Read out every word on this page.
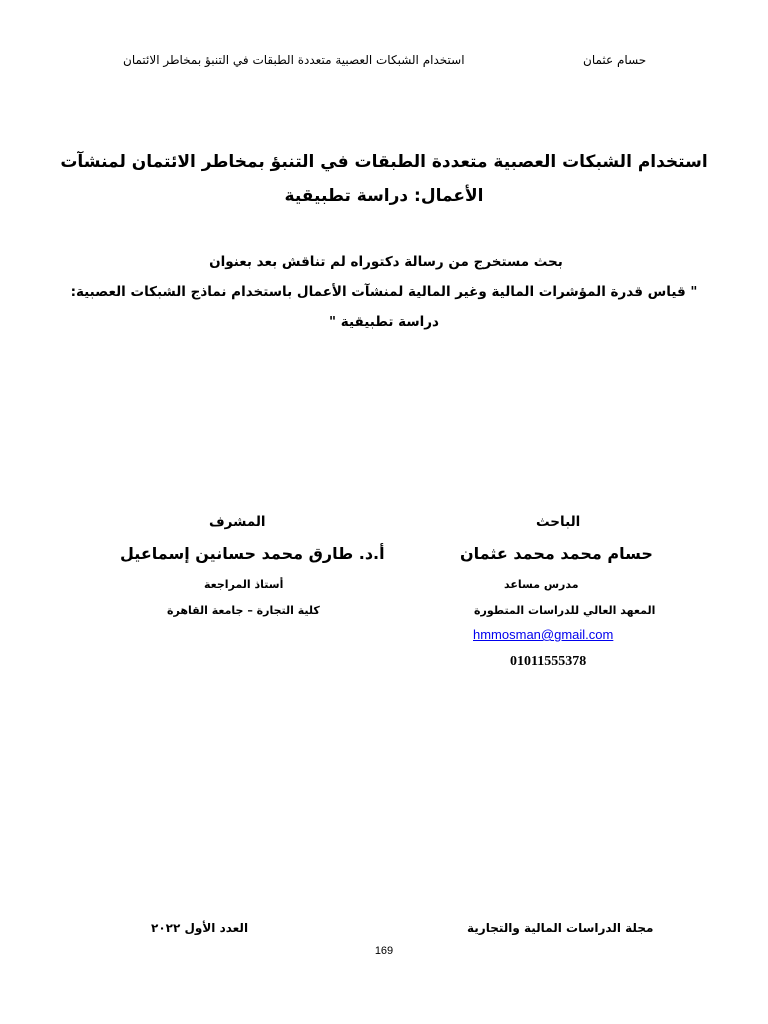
حسام عثمان
استخدام الشبكات العصبية متعددة الطبقات في التنبؤ بمخاطر الائتمان
استخدام الشبكات العصبية متعددة الطبقات في التنبؤ بمخاطر الائتمان لمنشآت
الأعمال: دراسة تطبيقية
بحث مستخرج من رسالة دكتوراه لم تناقش بعد بعنوان
" قياس قدرة المؤشرات المالية وغير المالية لمنشآت الأعمال باستخدام نماذج الشبكات العصبية:
دراسة تطبيقية "
الباحث
حسام محمد محمد عثمان
مدرس مساعد
المعهد العالي للدراسات المتطورة
hmmosman@gmail.com
01011555378
المشرف
أ.د. طارق محمد حسانين إسماعيل
أستاذ المراجعة
كلية التجارة – جامعة القاهرة
مجلة الدراسات المالية والتجارية
العدد الأول ٢٠٢٢
169
